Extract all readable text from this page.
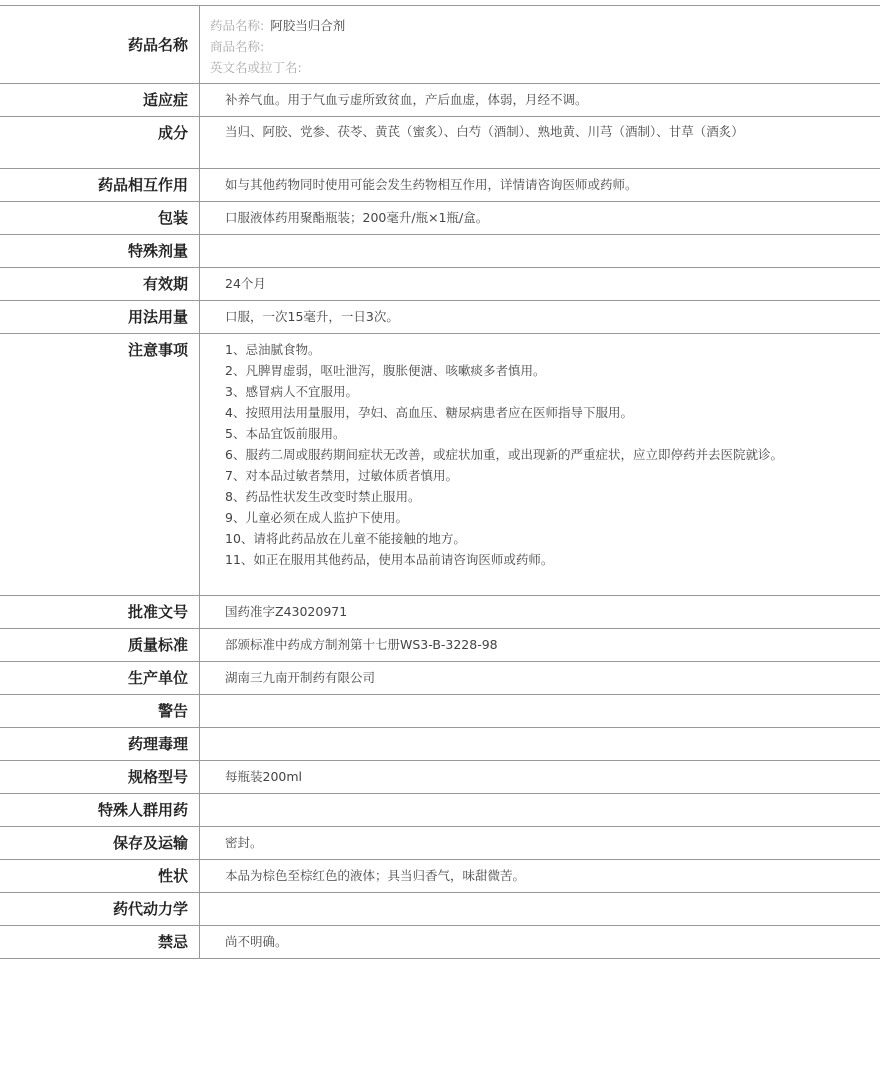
药品名称
药品名称: 阿胶当归合剂
商品名称:
英文名或拉丁名:
适应症	补养气血。用于气血亏虚所致贫血，产后血虚，体弱，月经不调。
成分	当归、阿胶、党参、茯苓、黄芪（蜜炙）、白芍（酒制）、熟地黄、川芎（酒制）、甘草（酒炙）
药品相互作用	如与其他药物同时使用可能会发生药物相互作用，详情请咨询医师或药师。
包装	口服液体药用聚酯瓶装；200毫升/瓶×1瓶/盒。
特殊剂量
有效期	24个月
用法用量	口服，一次15毫升，一日3次。
注意事项	1、忌油腻食物。
2、凡脾胃虚弱，呕吐泄泻，腹胀便溏、咳嗽痰多者慎用。
3、感冒病人不宜服用。
4、按照用法用量服用，孕妇、高血压、糖尿病患者应在医师指导下服用。
5、本品宜饭前服用。
6、服药二周或服药期间症状无改善，或症状加重，或出现新的严重症状，应立即停药并去医院就诊。
7、对本品过敏者禁用，过敏体质者慎用。
8、药品性状发生改变时禁止服用。
9、儿童必须在成人监护下使用。
10、请将此药品放在儿童不能接触的地方。
11、如正在服用其他药品，使用本品前请咨询医师或药师。
批准文号	国药准字Z43020971
质量标准	部颁标准中药成方制剂第十七册WS3-B-3228-98
生产单位	湖南三九南开制药有限公司
警告
药理毒理
规格型号	每瓶装200ml
特殊人群用药
保存及运输	密封。
性状	本品为棕色至棕红色的液体；具当归香气，味甜微苦。
药代动力学
禁忌	尚不明确。
